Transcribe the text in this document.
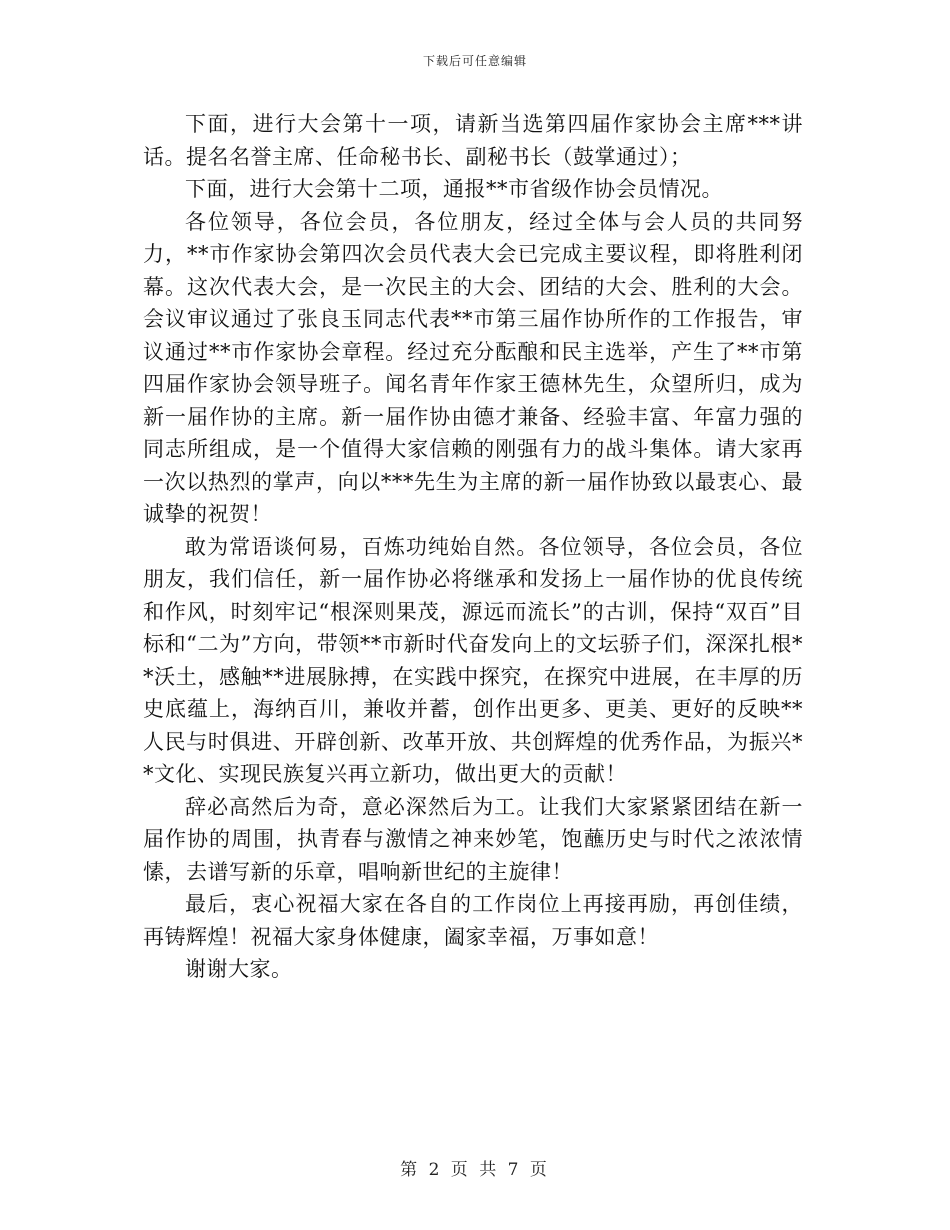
下载后可任意编辑

下面，进行大会第十一项，请新当选第四届作家协会主席***讲话。提名名誉主席、任命秘书长、副秘书长（鼓掌通过）；

下面，进行大会第十二项，通报**市省级作协会员情况。

各位领导，各位会员，各位朋友，经过全体与会人员的共同努力，**市作家协会第四次会员代表大会已完成主要议程，即将胜利闭幕。这次代表大会，是一次民主的大会、团结的大会、胜利的大会。会议审议通过了张良玉同志代表**市第三届作协所作的工作报告，审议通过**市作家协会章程。经过充分酝酿和民主选举，产生了**市第四届作家协会领导班子。闻名青年作家王德林先生，众望所归，成为新一届作协的主席。新一届作协由德才兼备、经验丰富、年富力强的同志所组成，是一个值得大家信赖的刚强有力的战斗集体。请大家再一次以热烈的掌声，向以***先生为主席的新一届作协致以最衷心、最诚挚的祝贺！

敢为常语谈何易，百炼功纯始自然。各位领导，各位会员，各位朋友，我们信任，新一届作协必将继承和发扬上一届作协的优良传统和作风，时刻牢记“根深则果茂，源远而流长”的古训，保持“双百”目标和“二为”方向，带领**市新时代奋发向上的文坛骄子们，深深扎根**沃土，感触**进展脉搏，在实践中探究，在探究中进展，在丰厚的历史底蕴上，海纳百川，兼收并蓄，创作出更多、更美、更好的反映**人民与时俱进、开辟创新、改革开放、共创辉煌的优秀作品，为振兴**文化、实现民族复兴再立新功，做出更大的贡献！

辞必高然后为奇，意必深然后为工。让我们大家紧紧团结在新一届作协的周围，执青春与激情之神来妙笔，饱蘸历史与时代之浓浓情愫，去谱写新的乐章，唱响新世纪的主旋律！

最后，衷心祝福大家在各自的工作岗位上再接再励，再创佳绩，再铸辉煌！祝福大家身体健康，阖家幸福，万事如意！

谢谢大家。

第 2 页 共 7 页
